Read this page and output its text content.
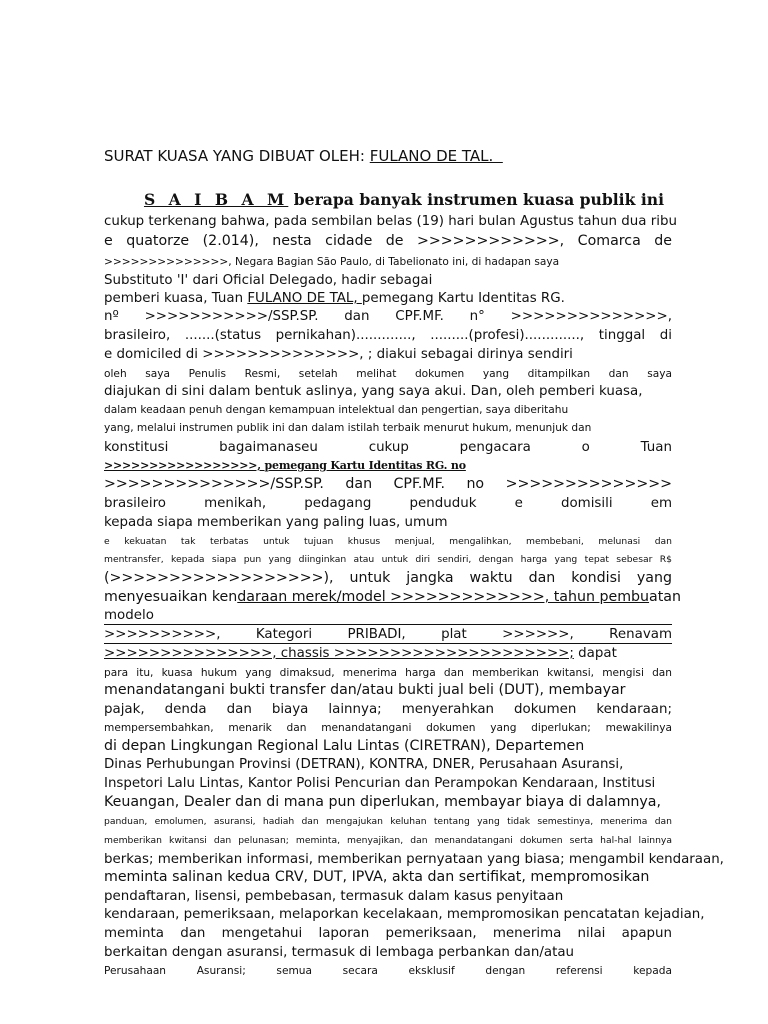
SURAT KUASA YANG DIBUAT OLEH: FULANO DE TAL.
S A I B A M berapa banyak instrumen kuasa publik ini
cukup terkenang bahwa, pada sembilan belas (19) hari bulan Agustus tahun dua ribu
e quatorze (2.014), nesta cidade de >>>>>>>>>>>>, Comarca de
>>>>>>>>>>>>>>, Negara Bagian São Paulo, di Tabelionato ini, di hadapan saya
Substituto 'I' dari Oficial Delegado, hadir sebagai
pemberi kuasa, Tuan FULANO DE TAL, pemegang Kartu Identitas RG.
nº >>>>>>>>>>>/SSP.SP. dan CPF.MF. n° >>>>>>>>>>>>>>,
brasileiro, .......(status pernikahan)............., .........(profesi)............., tinggal di
e domiciled di >>>>>>>>>>>>>>, ; diakui sebagai dirinya sendiri
oleh saya Penulis Resmi, setelah melihat dokumen yang ditampilkan dan saya
diajukan di sini dalam bentuk aslinya, yang saya akui. Dan, oleh pemberi kuasa,
dalam keadaan penuh dengan kemampuan intelektual dan pengertian, saya diberitahu
yang, melalui instrumen publik ini dan dalam istilah terbaik menurut hukum, menunjuk dan
konstitusi bagaimanaseu cukup pengacara o Tuan
>>>>>>>>>>>>>>>>>, pemegang Kartu Identitas RG. no
>>>>>>>>>>>>>>/SSP.SP. dan CPF.MF. no >>>>>>>>>>>>>>
brasileiro menikah, pedagang penduduk e domisili em
kepada siapa memberikan yang paling luas, umum
e kekuatan tak terbatas untuk tujuan khusus menjual, mengalihkan, membebani, melunasi dan
mentransfer, kepada siapa pun yang diinginkan atau untuk diri sendiri, dengan harga yang tepat sebesar R$
(>>>>>>>>>>>>>>>>>>), untuk jangka waktu dan kondisi yang
menyesuaikan kendaraan merek/model >>>>>>>>>>>>>, tahun pembuatan
modelo
>>>>>>>>>>, Kategori PRIBADI, plat >>>>>>, Renavam
>>>>>>>>>>>>>>>, chassis >>>>>>>>>>>>>>>>>>>>>; dapat
para itu, kuasa hukum yang dimaksud, menerima harga dan memberikan kwitansi, mengisi dan
menandatangani bukti transfer dan/atau bukti jual beli (DUT), membayar
pajak, denda dan biaya lainnya; menyerahkan dokumen kendaraan;
mempersembahkan, menarik dan menandatangani dokumen yang diperlukan; mewakilinya
di depan Lingkungan Regional Lalu Lintas (CIRETRAN), Departemen
Dinas Perhubungan Provinsi (DETRAN), KONTRA, DNER, Perusahaan Asuransi,
Inspetori Lalu Lintas, Kantor Polisi Pencurian dan Perampokan Kendaraan, Institusi
Keuangan, Dealer dan di mana pun diperlukan, membayar biaya di dalamnya,
panduan, emolumen, asuransi, hadiah dan mengajukan keluhan tentang yang tidak semestinya, menerima dan
memberikan kwitansi dan pelunasan; meminta, menyajikan, dan menandatangani dokumen serta hal-hal lainnya
berkas; memberikan informasi, memberikan pernyataan yang biasa; mengambil kendaraan,
meminta salinan kedua CRV, DUT, IPVA, akta dan sertifikat, mempromosikan
pendaftaran, lisensi, pembebasan, termasuk dalam kasus penyitaan
kendaraan, pemeriksaan, melaporkan kecelakaan, mempromosikan pencatatan kejadian,
meminta dan mengetahui laporan pemeriksaan, menerima nilai apapun
berkaitan dengan asuransi, termasuk di lembaga perbankan dan/atau
Perusahaan Asuransi; semua secara eksklusif dengan referensi kepada
